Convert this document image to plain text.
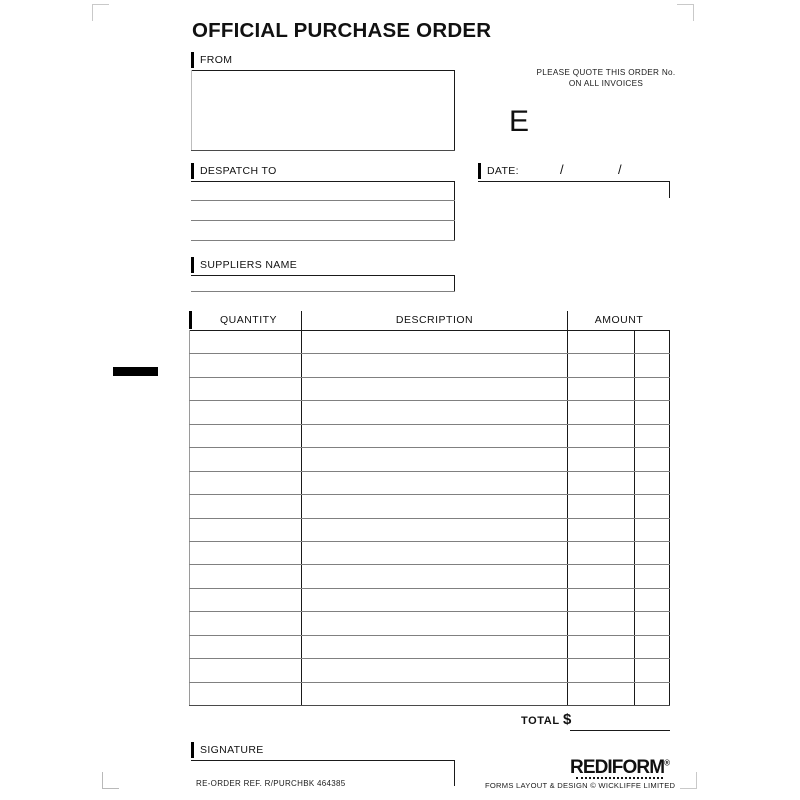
OFFICIAL PURCHASE ORDER
PLEASE QUOTE THIS ORDER No.
ON ALL INVOICES
E
FROM
DESPATCH TO	DATE:	/	/
SUPPLIERS NAME
QUANTITY	DESCRIPTION	AMOUNT
TOTAL $
SIGNATURE
RE-ORDER REF. R/PURCHBK 464385
REDIFORM®
FORMS LAYOUT & DESIGN © WICKLIFFE LIMITED
